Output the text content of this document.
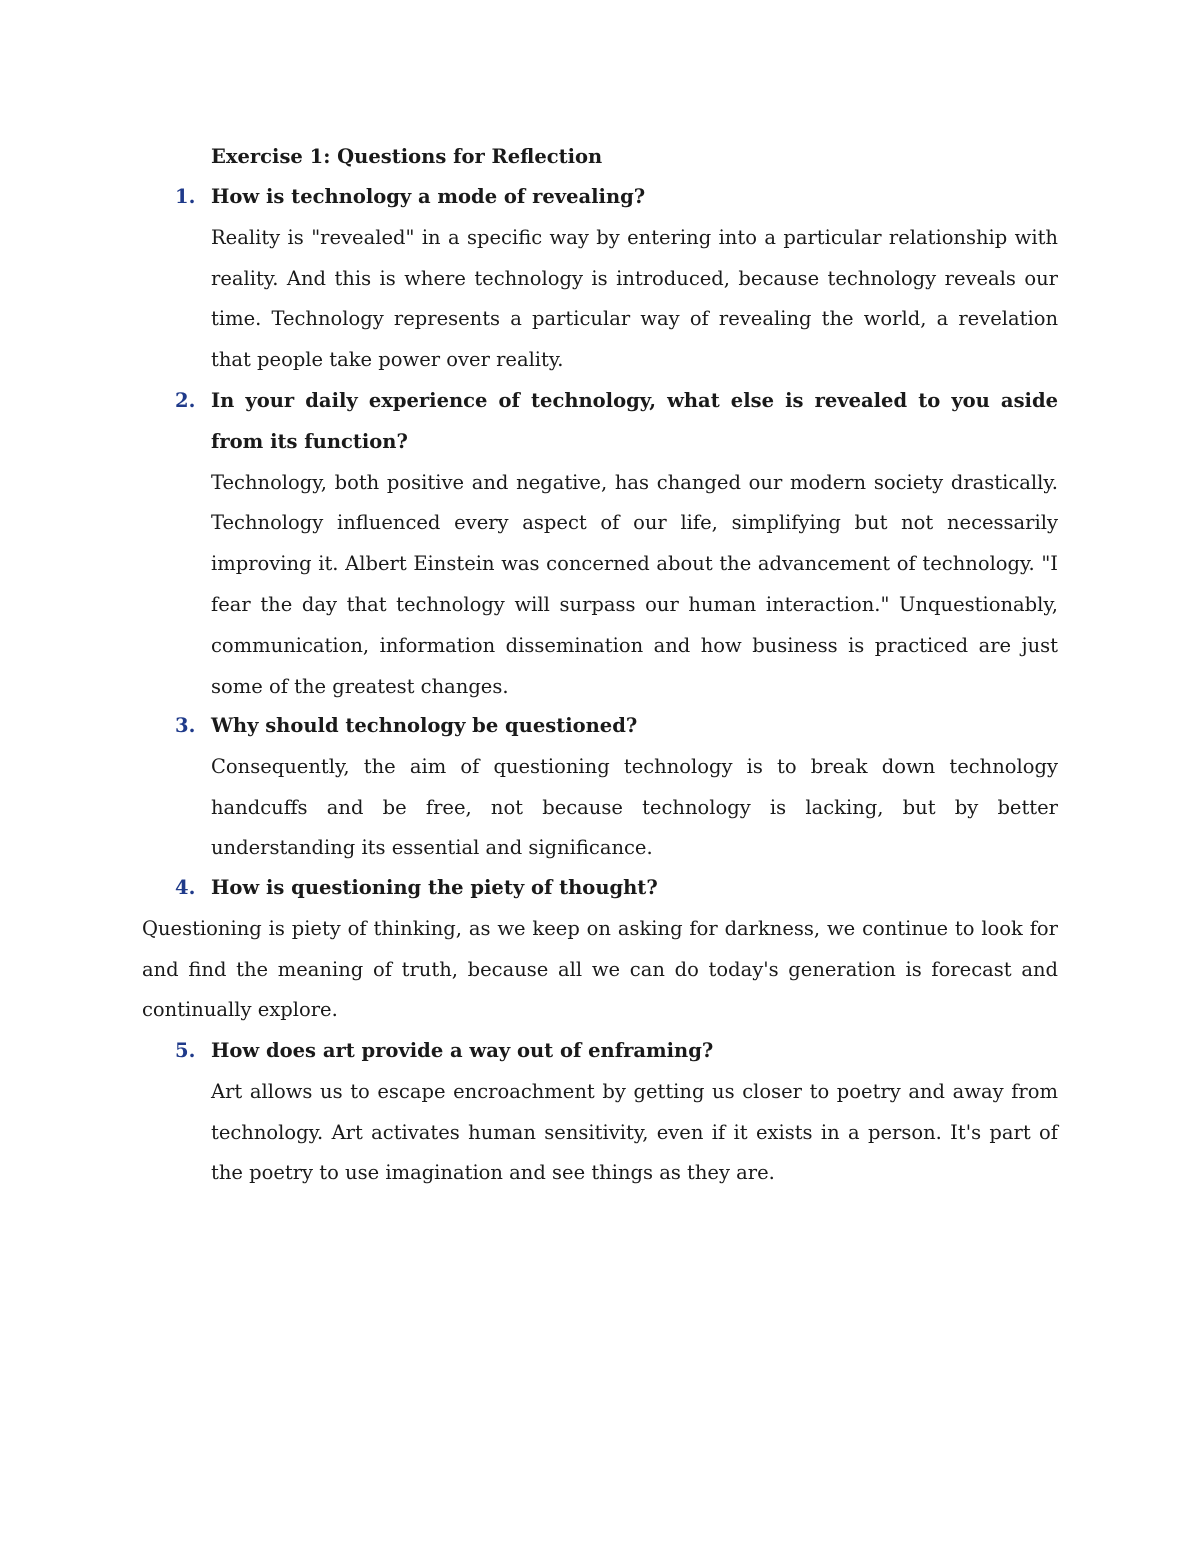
Exercise 1: Questions for Reflection
1. How is technology a mode of revealing?

Reality is "revealed" in a specific way by entering into a particular relationship with reality. And this is where technology is introduced, because technology reveals our time. Technology represents a particular way of revealing the world, a revelation that people take power over reality.

2. In your daily experience of technology, what else is revealed to you aside from its function?

Technology, both positive and negative, has changed our modern society drastically. Technology influenced every aspect of our life, simplifying but not necessarily improving it. Albert Einstein was concerned about the advancement of technology. "I fear the day that technology will surpass our human interaction." Unquestionably, communication, information dissemination and how business is practiced are just some of the greatest changes.

3. Why should technology be questioned?

Consequently, the aim of questioning technology is to break down technology handcuffs and be free, not because technology is lacking, but by better understanding its essential and significance.

4. How is questioning the piety of thought?

Questioning is piety of thinking, as we keep on asking for darkness, we continue to look for and find the meaning of truth, because all we can do today's generation is forecast and continually explore.

5. How does art provide a way out of enframing?

Art allows us to escape encroachment by getting us closer to poetry and away from technology. Art activates human sensitivity, even if it exists in a person. It's part of the poetry to use imagination and see things as they are.
